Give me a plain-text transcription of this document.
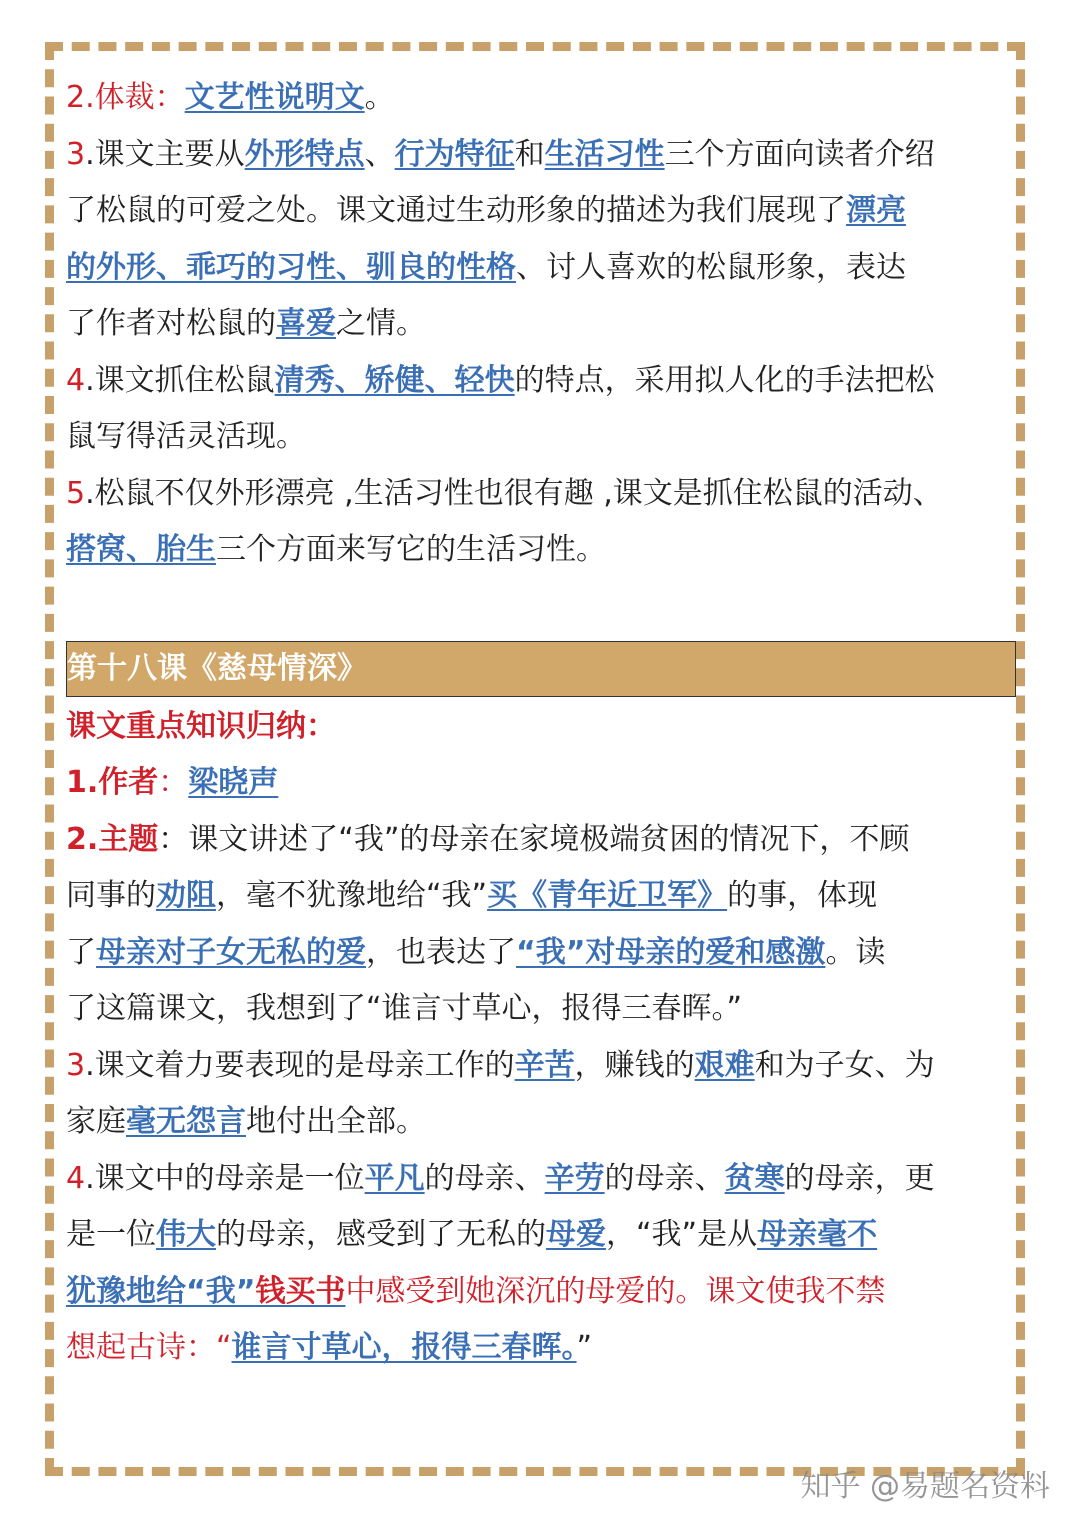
2.体裁：文艺性说明文。
3.课文主要从外形特点、行为特征和生活习性三个方面向读者介绍
了松鼠的可爱之处。课文通过生动形象的描述为我们展现了漂亮
的外形、乖巧的习性、驯良的性格、讨人喜欢的松鼠形象，表达
了作者对松鼠的喜爱之情。
4.课文抓住松鼠清秀、矫健、轻快的特点，采用拟人化的手法把松
鼠写得活灵活现。
5.松鼠不仅外形漂亮 ,生活习性也很有趣 ,课文是抓住松鼠的活动、
搭窝、胎生三个方面来写它的生活习性。
第十八课《慈母情深》
课文重点知识归纳：
1.作者：梁晓声
2.主题：课文讲述了“我”的母亲在家境极端贫困的情况下，不顾
同事的劝阻，毫不犹豫地给“我”买《青年近卫军》的事，体现
了母亲对子女无私的爱，也表达了“我”对母亲的爱和感激。读
了这篇课文，我想到了“谁言寸草心，报得三春晖。”
3.课文着力要表现的是母亲工作的辛苦，赚钱的艰难和为子女、为
家庭毫无怨言地付出全部。
4.课文中的母亲是一位平凡的母亲、辛劳的母亲、贫寒的母亲，更
是一位伟大的母亲，感受到了无私的母爱，“我”是从母亲毫不
犹豫地给“我”钱买书中感受到她深沉的母爱的。课文使我不禁
想起古诗：“谁言寸草心，报得三春晖。”
知乎 @易题名资料
